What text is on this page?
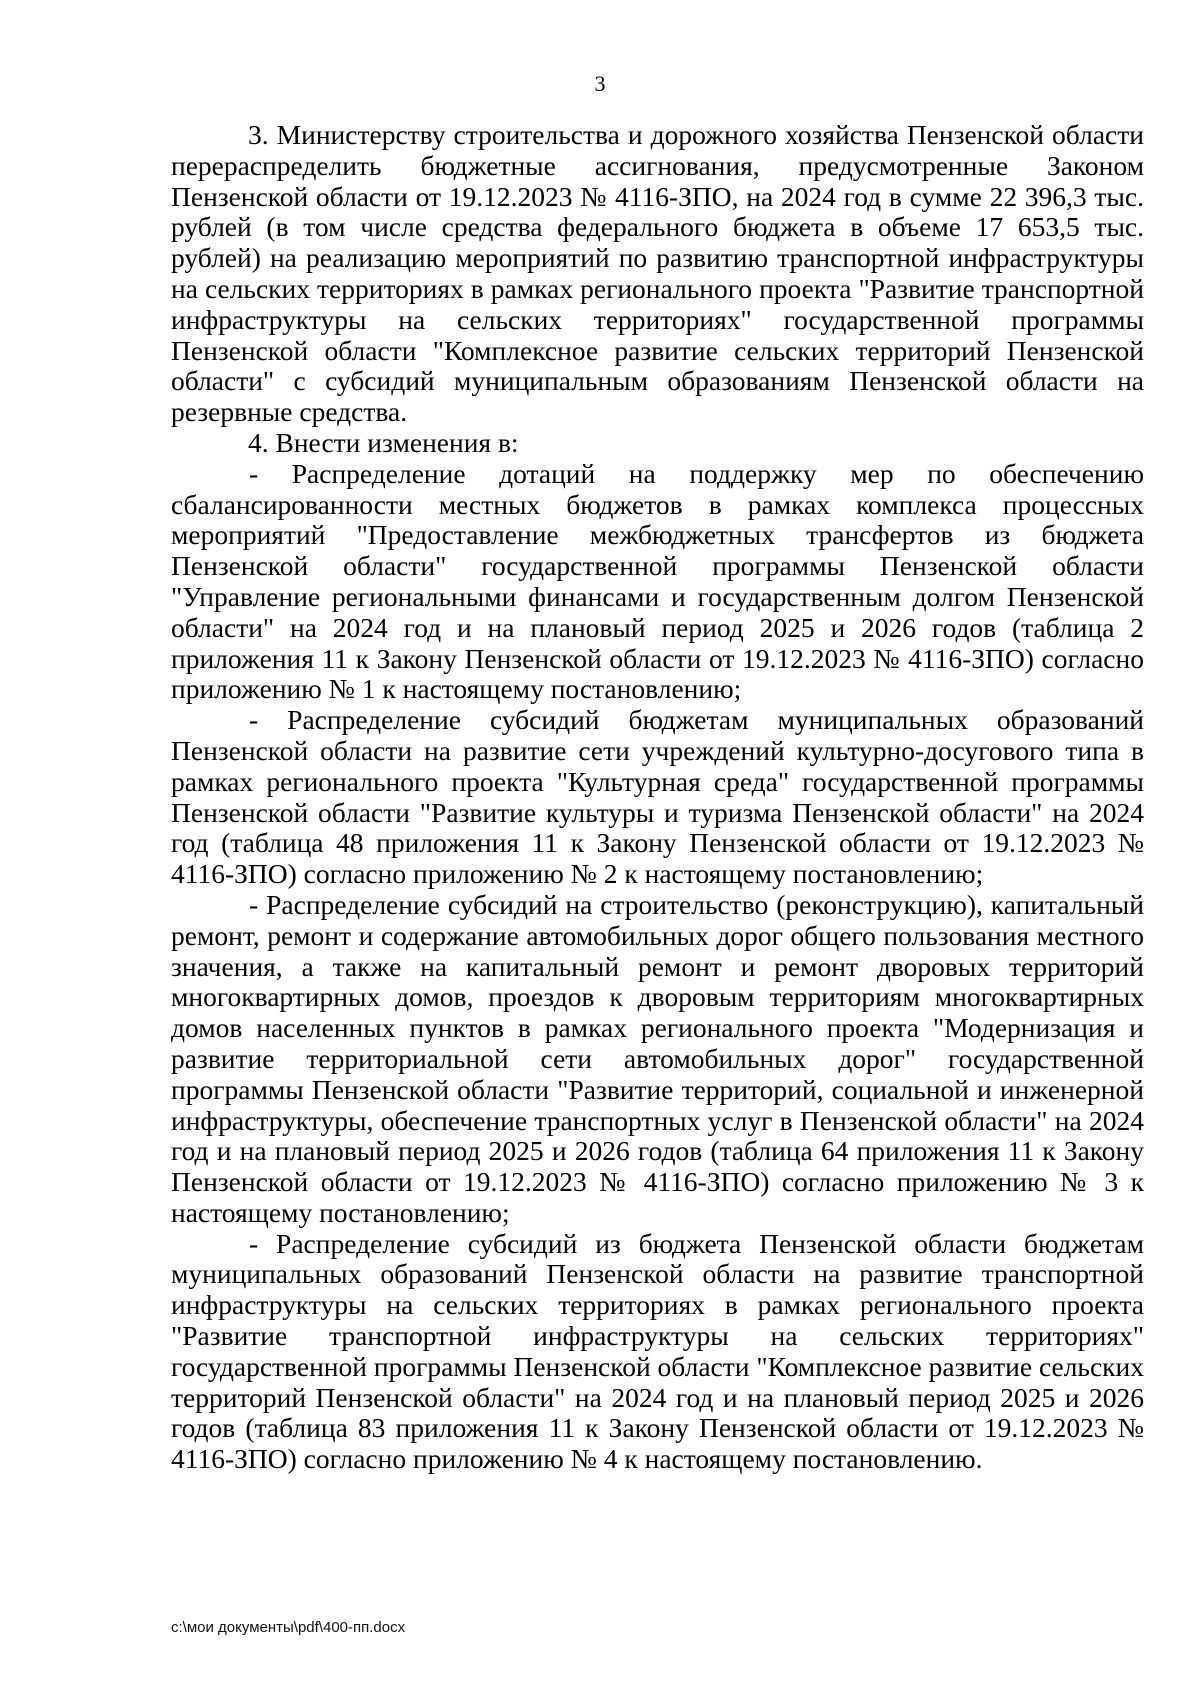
3

3. Министерству строительства и дорожного хозяйства Пензенской области перераспределить бюджетные ассигнования, предусмотренные Законом Пензенской области от 19.12.2023 № 4116-ЗПО, на 2024 год в сумме 22 396,3 тыс. рублей (в том числе средства федерального бюджета в объеме 17 653,5 тыс. рублей) на реализацию мероприятий по развитию транспортной инфраструктуры на сельских территориях в рамках регионального проекта "Развитие транспортной инфраструктуры на сельских территориях" государственной программы Пензенской области "Комплексное развитие сельских территорий Пензенской области" с субсидий муниципальным образованиям Пензенской области на резервные средства.

4. Внести изменения в:

- Распределение дотаций на поддержку мер по обеспечению сбалансированности местных бюджетов в рамках комплекса процессных мероприятий "Предоставление межбюджетных трансфертов из бюджета Пензенской области" государственной программы Пензенской области "Управление региональными финансами и государственным долгом Пензенской области" на 2024 год и на плановый период 2025 и 2026 годов (таблица 2 приложения 11 к Закону Пензенской области от 19.12.2023 № 4116-ЗПО) согласно приложению № 1 к настоящему постановлению;

- Распределение субсидий бюджетам муниципальных образований Пензенской области на развитие сети учреждений культурно-досугового типа в рамках регионального проекта "Культурная среда" государственной программы Пензенской области "Развитие культуры и туризма Пензенской области" на 2024 год (таблица 48 приложения 11 к Закону Пензенской области от 19.12.2023 № 4116-ЗПО) согласно приложению № 2 к настоящему постановлению;

- Распределение субсидий на строительство (реконструкцию), капитальный ремонт, ремонт и содержание автомобильных дорог общего пользования местного значения, а также на капитальный ремонт и ремонт дворовых территорий многоквартирных домов, проездов к дворовым территориям многоквартирных домов населенных пунктов в рамках регионального проекта "Модернизация и развитие территориальной сети автомобильных дорог" государственной программы Пензенской области "Развитие территорий, социальной и инженерной инфраструктуры, обеспечение транспортных услуг в Пензенской области" на 2024 год и на плановый период 2025 и 2026 годов (таблица 64 приложения 11 к Закону Пензенской области от 19.12.2023 № 4116-ЗПО) согласно приложению № 3 к настоящему постановлению;

- Распределение субсидий из бюджета Пензенской области бюджетам муниципальных образований Пензенской области на развитие транспортной инфраструктуры на сельских территориях в рамках регионального проекта "Развитие транспортной инфраструктуры на сельских территориях" государственной программы Пензенской области "Комплексное развитие сельских территорий Пензенской области" на 2024 год и на плановый период 2025 и 2026 годов (таблица 83 приложения 11 к Закону Пензенской области от 19.12.2023 № 4116-ЗПО) согласно приложению № 4 к настоящему постановлению.

c:\мои документы\pdf\400-пп.docx
